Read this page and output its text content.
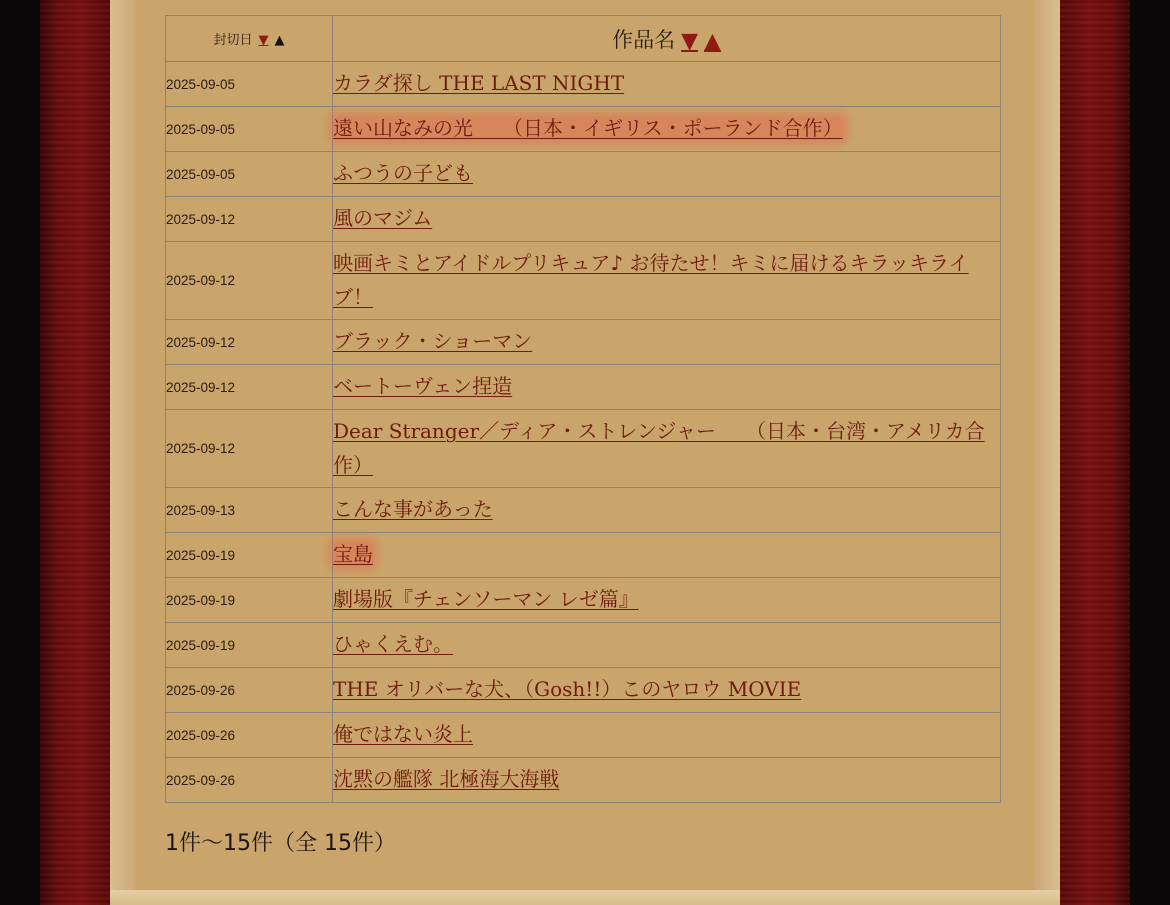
封切日 ▼ ▲	作品名 ▼ ▲
2025-09-05	カラダ探し THE LAST NIGHT
2025-09-05	遠い山なみの光　　（日本・イギリス・ポーランド合作）
2025-09-05	ふつうの子ども
2025-09-12	風のマジム
2025-09-12	映画キミとアイドルプリキュア♪ お待たせ！キミに届けるキラッキライブ！
2025-09-12	ブラック・ショーマン
2025-09-12	ベートーヴェン捏造
2025-09-12	Dear Stranger／ディア・ストレンジャー　　（日本・台湾・アメリカ合作）
2025-09-13	こんな事があった
2025-09-19	宝島
2025-09-19	劇場版『チェンソーマン レゼ篇』
2025-09-19	ひゃくえむ。
2025-09-26	THE オリバーな犬、（Gosh!!）このヤロウ MOVIE
2025-09-26	俺ではない炎上
2025-09-26	沈黙の艦隊 北極海大海戦
1件〜15件（全 15件）
